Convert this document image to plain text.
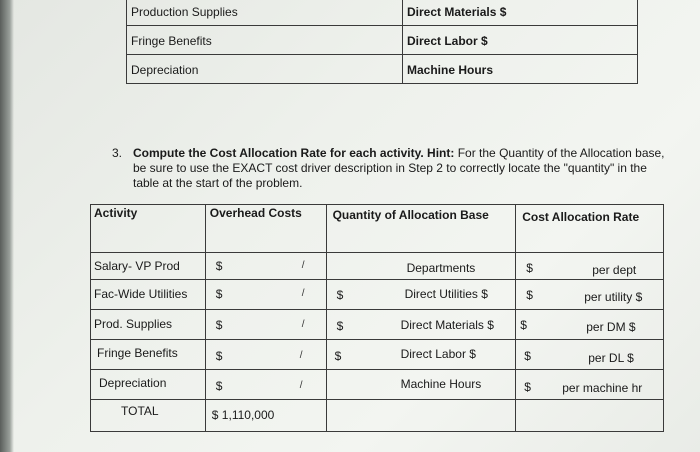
Production Supplies	Direct Materials $
Fringe Benefits	Direct Labor $
Depreciation	Machine Hours
3. Compute the Cost Allocation Rate for each activity. Hint: For the Quantity of the Allocation base, be sure to use the EXACT cost driver description in Step 2 to correctly locate the "quantity" in the table at the start of the problem.
Activity	Overhead Costs	Quantity of Allocation Base	Cost Allocation Rate

Salary- VP Prod	$ /	Departments	$ per dept

Fac-Wide Utilities	$ /	$ Direct Utilities $	$ per utility $

Prod. Supplies	$ /	$ Direct Materials $	$ per DM $

Fringe Benefits	$ /	$ Direct Labor $	$ per DL $

Depreciation	$ /	Machine Hours	$ per machine hr

TOTAL	$ 1,110,000		
